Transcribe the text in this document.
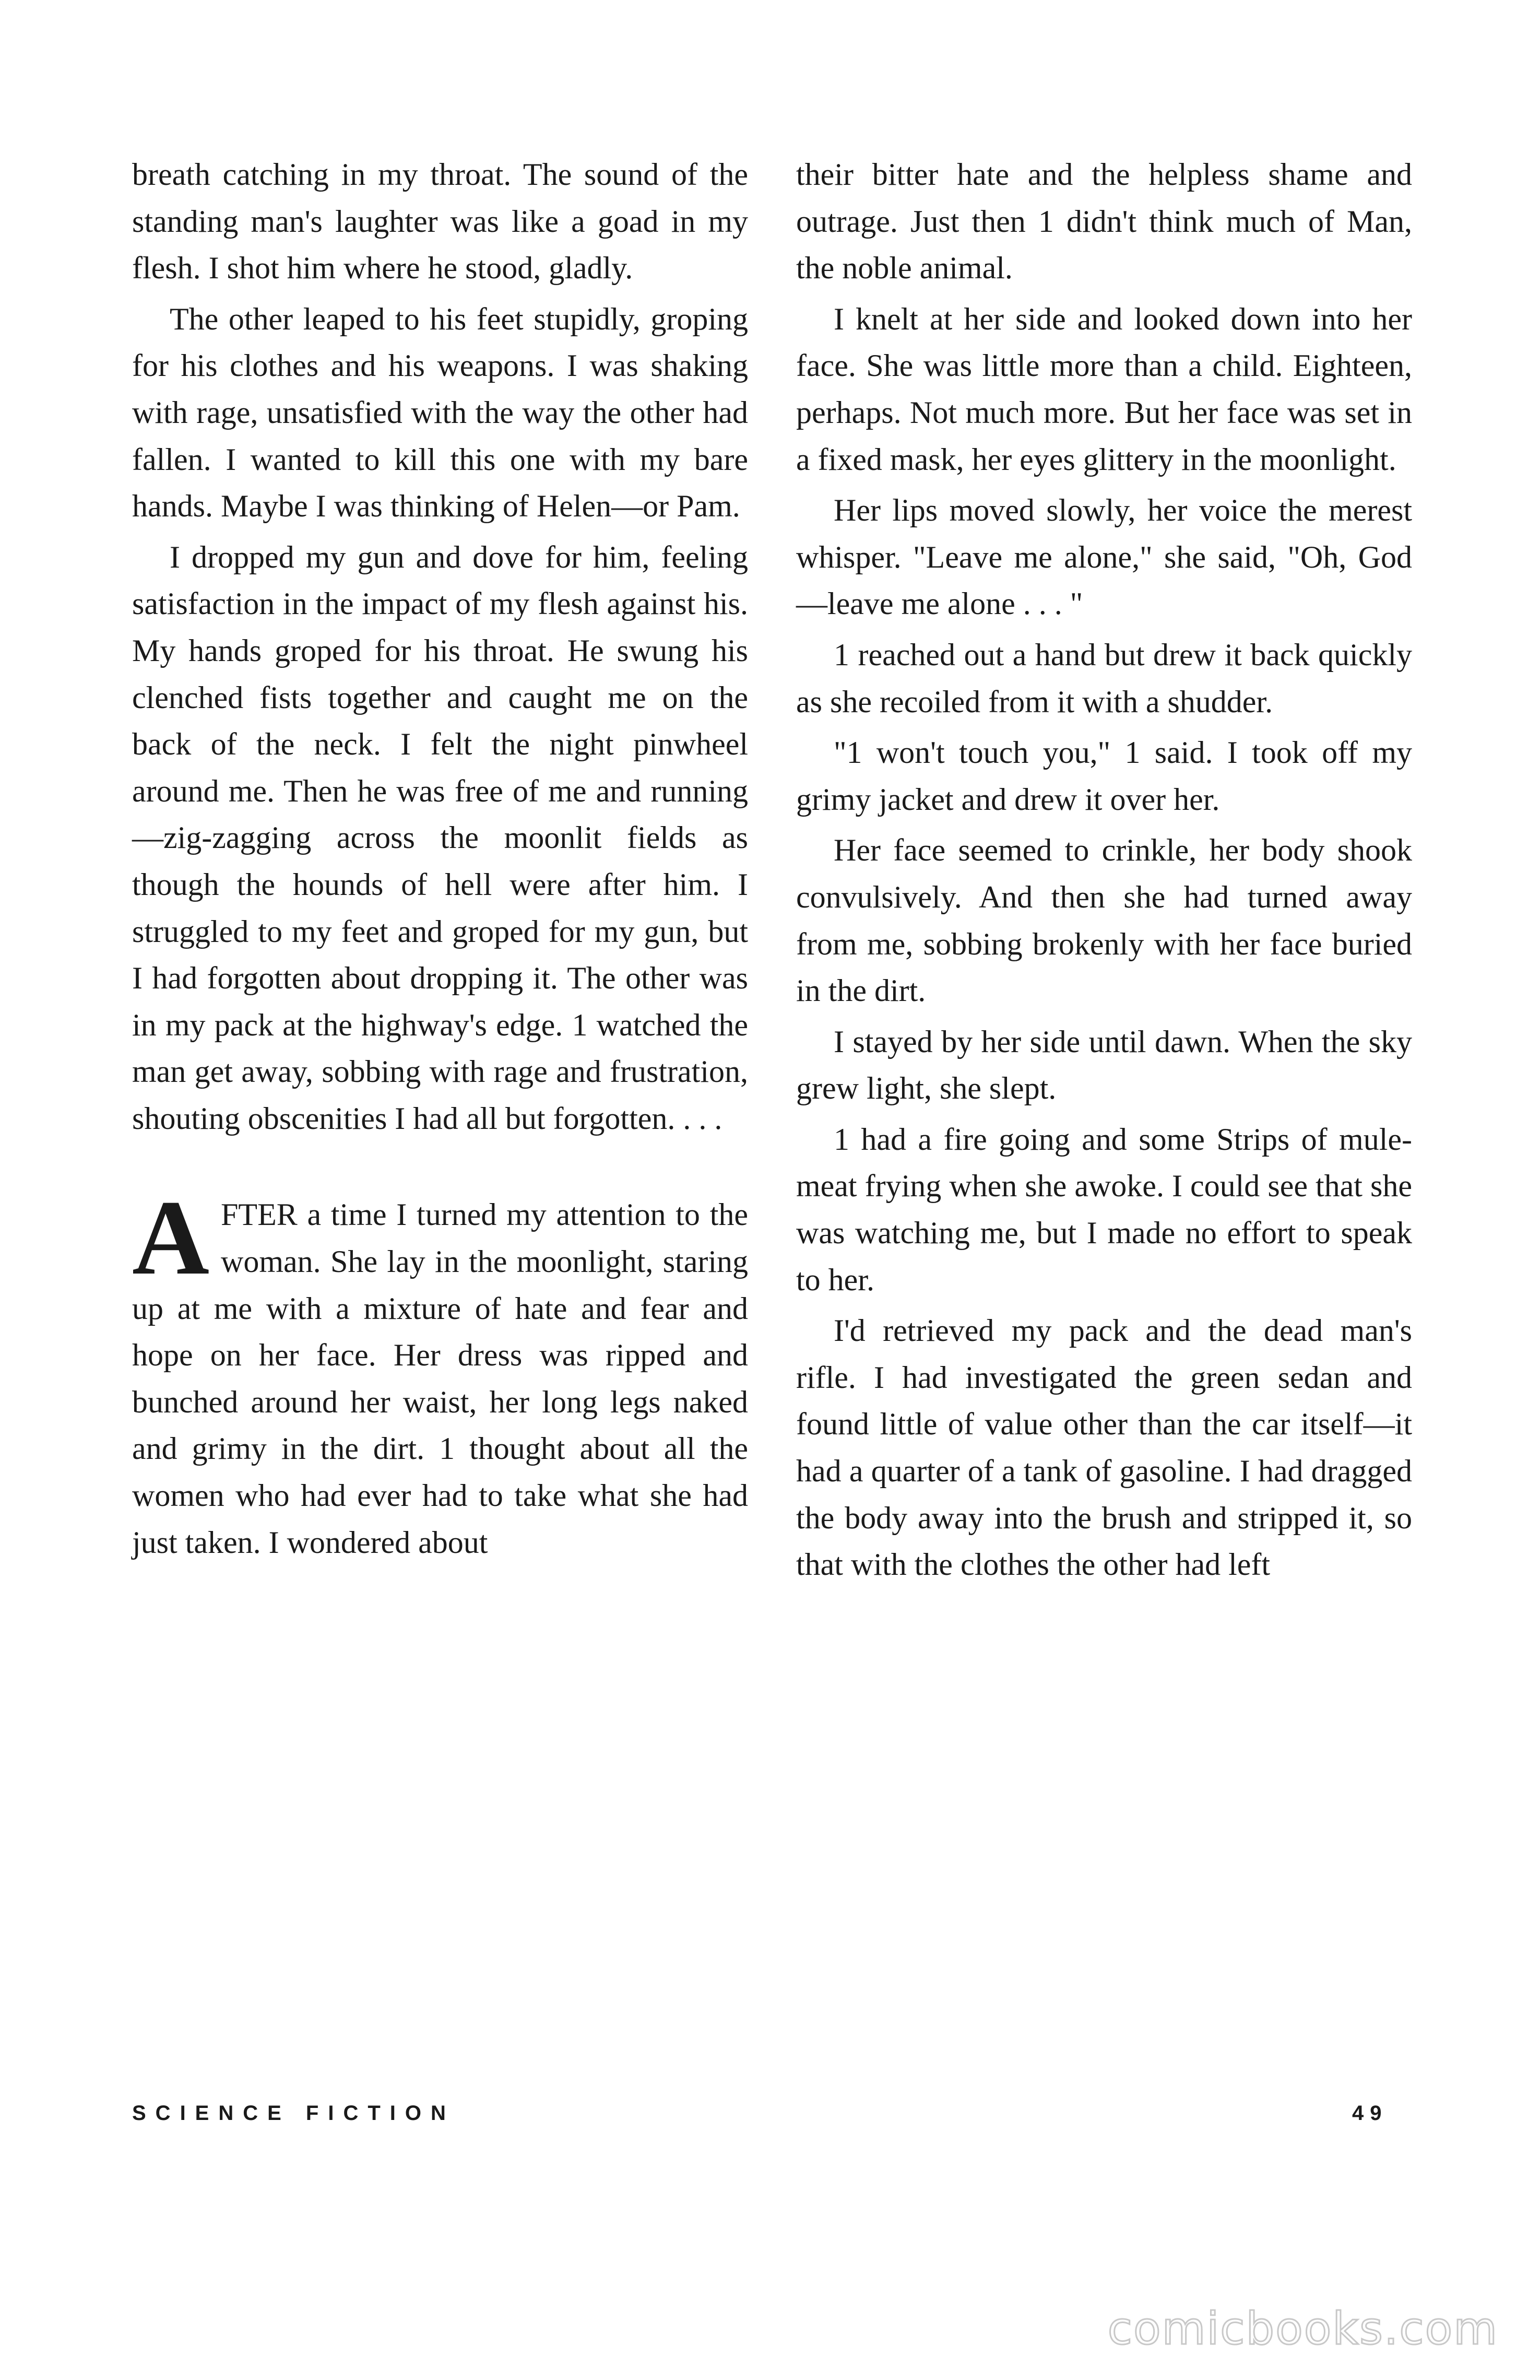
breath catching in my throat. The sound of the standing man's laughter was like a goad in my flesh. I shot him where he stood, gladly.

The other leaped to his feet stupidly, groping for his clothes and his weapons. I was shaking with rage, unsatisfied with the way the other had fallen. I wanted to kill this one with my bare hands. Maybe I was thinking of Helen—or Pam.

I dropped my gun and dove for him, feeling satisfaction in the impact of my flesh against his. My hands groped for his throat. He swung his clenched fists together and caught me on the back of the neck. I felt the night pinwheel around me. Then he was free of me and running —zig-zagging across the moonlit fields as though the hounds of hell were after him. I struggled to my feet and groped for my gun, but I had forgotten about dropping it. The other was in my pack at the highway's edge. 1 watched the man get away, sobbing with rage and frustration, shouting obscenities I had all but forgotten. . . .

AFTER a time I turned my attention to the woman. She lay in the moonlight, staring up at me with a mixture of hate and fear and hope on her face. Her dress was ripped and bunched around her waist, her long legs naked and grimy in the dirt. 1 thought about all the women who had ever had to take what she had just taken. I wondered about

their bitter hate and the helpless shame and outrage. Just then 1 didn't think much of Man, the noble animal.

I knelt at her side and looked down into her face. She was little more than a child. Eighteen, perhaps. Not much more. But her face was set in a fixed mask, her eyes glittery in the moonlight.

Her lips moved slowly, her voice the merest whisper. "Leave me alone," she said, "Oh, God—leave me alone . . . "

1 reached out a hand but drew it back quickly as she recoiled from it with a shudder.

"1 won't touch you," 1 said. I took off my grimy jacket and drew it over her.

Her face seemed to crinkle, her body shook convulsively. And then she had turned away from me, sobbing brokenly with her face buried in the dirt.

I stayed by her side until dawn. When the sky grew light, she slept.

1 had a fire going and some Strips of mule-meat frying when she awoke. I could see that she was watching me, but I made no effort to speak to her.

I'd retrieved my pack and the dead man's rifle. I had investigated the green sedan and found little of value other than the car itself—it had a quarter of a tank of gasoline. I had dragged the body away into the brush and stripped it, so that with the clothes the other had left

SCIENCE FICTION	49
comicbooks.com
